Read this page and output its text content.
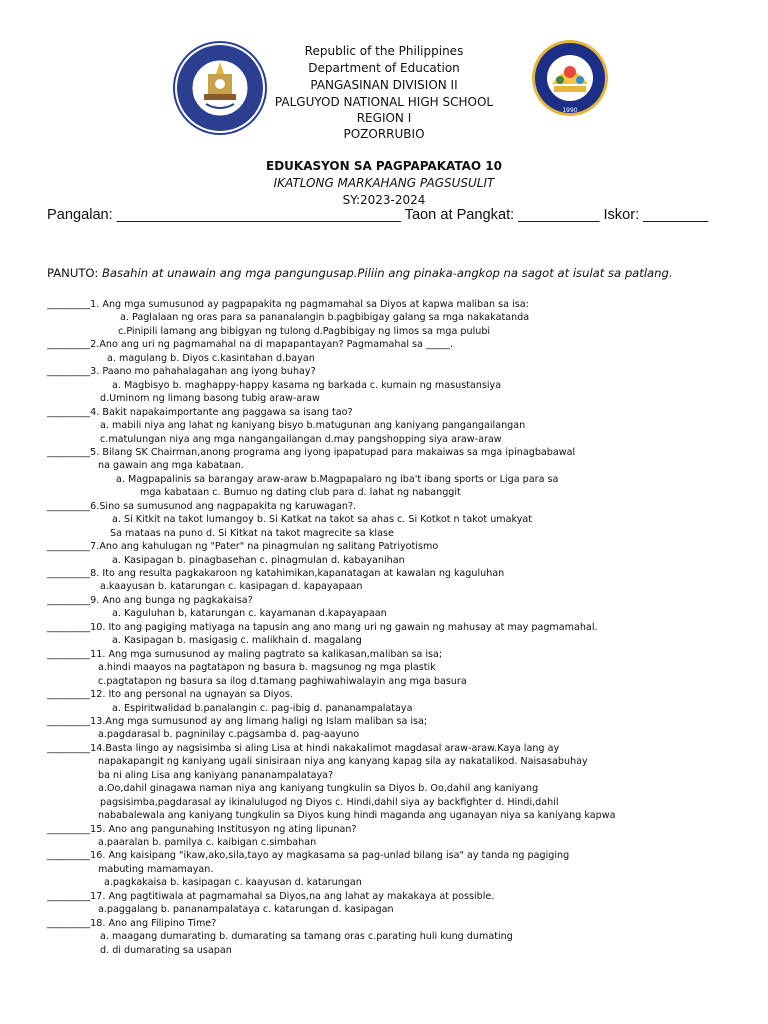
Republic of the Philippines
Department of Education
PANGASINAN DIVISION II
PALGUYOD NATIONAL HIGH SCHOOL
REGION I
POZORRUBIO
EDUKASYON SA PAGPAPAKATAO 10
IKATLONG MARKAHANG PAGSUSULIT
SY:2023-2024
1990
Pangalan: ___________________________________ Taon at Pangkat: __________ Iskor: ________
PANUTO: Basahin at unawain ang mga pangungusap.Piliin ang pinaka-angkop na sagot at isulat sa patlang.
_________1. Ang mga sumusunod ay pagpapakita ng pagmamahal sa Diyos at kapwa maliban sa isa:
a. Paglalaan ng oras para sa pananalangin b.pagbibigay galang sa mga nakakatanda
c.Pinipili lamang ang bibigyan ng tulong d.Pagbibigay ng limos sa mga pulubi
_________2.Ano ang uri ng pagmamahal na di mapapantayan? Pagmamahal sa _____.
a. magulang b. Diyos c.kasintahan d.bayan
_________3. Paano mo pahahalagahan ang iyong buhay?
a. Magbisyo b. maghappy-happy kasama ng barkada c. kumain ng masustansiya
d.Uminom ng limang basong tubig araw-araw
_________4. Bakit napakaimportante ang paggawa sa isang tao?
a. mabili niya ang lahat ng kaniyang bisyo b.matugunan ang kaniyang pangangailangan
c.matulungan niya ang mga nangangailangan d.may pangshopping siya araw-araw
_________5. Bilang SK Chairman,anong programa ang iyong ipapatupad para makaiwas sa mga ipinagbabawal
na gawain ang mga kabataan.
a. Magpapalinis sa barangay araw-araw b.Magpapalaro ng iba't ibang sports or Liga para sa
mga kabataan c. Bumuo ng dating club para d. lahat ng nabanggit
_________6.Sino sa sumusunod ang nagpapakita ng karuwagan?.
a. Si Kitkit na takot lumangoy b. Si Katkat na takot sa ahas c. Si Kotkot n takot umakyat
Sa mataas na puno d. Si Kitkat na takot magrecite sa klase
_________7.Ano ang kahulugan ng "Pater" na pinagmulan ng salitang Patriyotismo
a. Kasipagan b. pinagbasehan c. pinagmulan d. kabayanihan
_________8. Ito ang resulta pagkakaroon ng katahimikan,kapanatagan at kawalan ng kaguluhan
a.kaayusan b. katarungan c. kasipagan d. kapayapaan
_________9. Ano ang bunga ng pagkakaisa?
a. Kaguluhan b, katarungan c. kayamanan d.kapayapaan
_________10. Ito ang pagiging matiyaga na tapusin ang ano mang uri ng gawain ng mahusay at may pagmamahal.
a. Kasipagan b. masigasig c. malikhain d. magalang
_________11. Ang mga sumusunod ay maling pagtrato sa kalikasan,maliban sa isa;
a.hindi maayos na pagtatapon ng basura b. magsunog ng mga plastik
c.pagtatapon ng basura sa ilog d.tamang paghiwahiwalayin ang mga basura
_________12. Ito ang personal na ugnayan sa Diyos.
a. Espiritwalidad b.panalangin c. pag-ibig d. pananampalataya
_________13.Ang mga sumusunod ay ang limang haligi ng Islam maliban sa isa;
a.pagdarasal b. pagninilay c.pagsamba d. pag-aayuno
_________14.Basta lingo ay nagsisimba si aling Lisa at hindi nakakalimot magdasal araw-araw.Kaya lang ay
napakapangit ng kaniyang ugali sinisiraan niya ang kanyang kapag sila ay nakatalikod. Naisasabuhay
ba ni aling Lisa ang kaniyang pananampalataya?
a.Oo,dahil ginagawa naman niya ang kaniyang tungkulin sa Diyos b. Oo,dahil ang kaniyang
pagsisimba,pagdarasal ay ikinalulugod ng Diyos c. Hindi,dahil siya ay backfighter d. Hindi,dahil
nababalewala ang kaniyang tungkulin sa Diyos kung hindi maganda ang uganayan niya sa kaniyang kapwa
_________15. Ano ang pangunahing Institusyon ng ating lipunan?
a.paaralan b. pamilya c. kaibigan c.simbahan
_________16. Ang kaisipang "ikaw,ako,sila,tayo ay magkasama sa pag-unlad bilang isa" ay tanda ng pagiging
mabuting mamamayan.
a.pagkakaisa b. kasipagan c. kaayusan d. katarungan
_________17. Ang pagtitiwala at pagmamahal sa Diyos,na ang lahat ay makakaya at possible.
a.paggalang b. pananampalataya c. katarungan d. kasipagan
_________18. Ano ang Filipino Time?
a. maagang dumarating b. dumarating sa tamang oras c.parating huli kung dumating
d. di dumarating sa usapan
